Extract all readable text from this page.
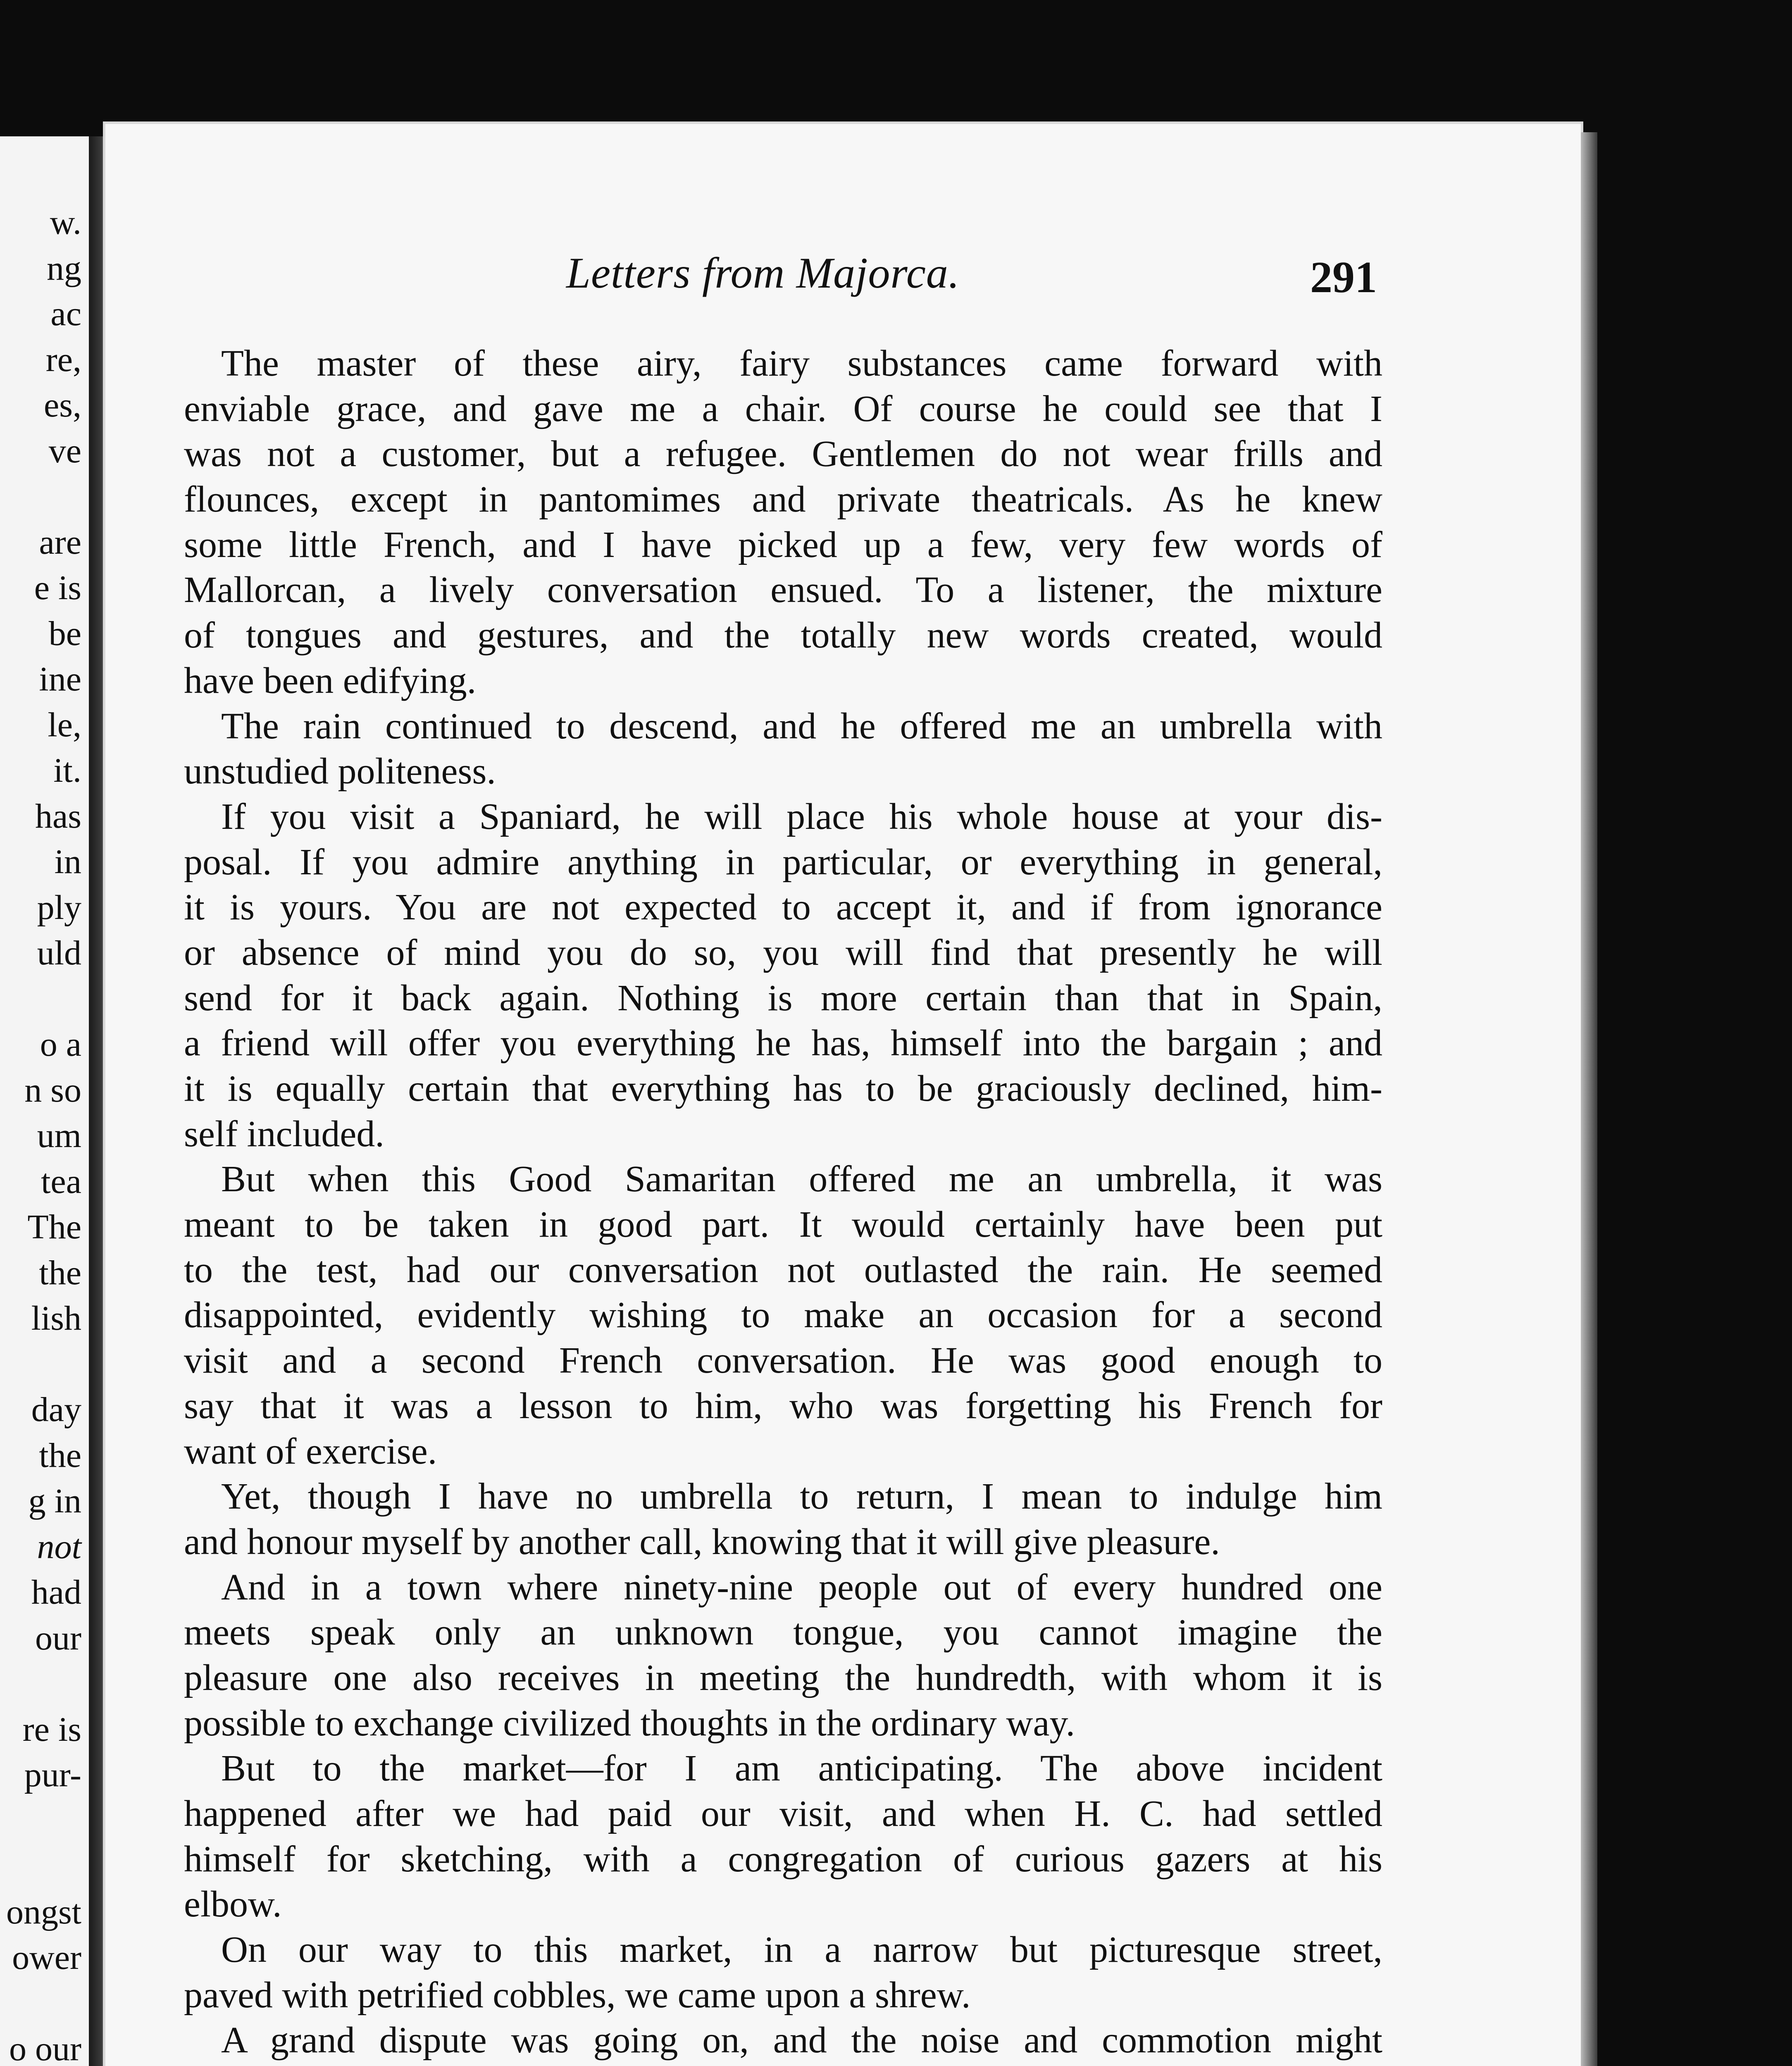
w.
ng
ac
re,
es,
ve
are
e is
be
ine
le,
it.
has
in
ply
uld
o a
n so
um
tea
The
the
lish
day
the
g in
not
had
our
re is
pur-
ongst
ower
o our
Letters from Majorca.	291
The master of these airy, fairy substances came forward with
enviable grace, and gave me a chair. Of course he could see that I
was not a customer, but a refugee. Gentlemen do not wear frills and
flounces, except in pantomimes and private theatricals. As he knew
some little French, and I have picked up a few, very few words of
Mallorcan, a lively conversation ensued. To a listener, the mixture
of tongues and gestures, and the totally new words created, would
have been edifying.
The rain continued to descend, and he offered me an umbrella with
unstudied politeness.
If you visit a Spaniard, he will place his whole house at your dis-
posal. If you admire anything in particular, or everything in general,
it is yours. You are not expected to accept it, and if from ignorance
or absence of mind you do so, you will find that presently he will
send for it back again. Nothing is more certain than that in Spain,
a friend will offer you everything he has, himself into the bargain ; and
it is equally certain that everything has to be graciously declined, him-
self included.
But when this Good Samaritan offered me an umbrella, it was
meant to be taken in good part. It would certainly have been put
to the test, had our conversation not outlasted the rain. He seemed
disappointed, evidently wishing to make an occasion for a second
visit and a second French conversation. He was good enough to
say that it was a lesson to him, who was forgetting his French for
want of exercise.
Yet, though I have no umbrella to return, I mean to indulge him
and honour myself by another call, knowing that it will give pleasure.
And in a town where ninety-nine people out of every hundred one
meets speak only an unknown tongue, you cannot imagine the
pleasure one also receives in meeting the hundredth, with whom it is
possible to exchange civilized thoughts in the ordinary way.
But to the market—for I am anticipating. The above incident
happened after we had paid our visit, and when H. C. had settled
himself for sketching, with a congregation of curious gazers at his
elbow.
On our way to this market, in a narrow but picturesque street,
paved with petrified cobbles, we came upon a shrew.
A grand dispute was going on, and the noise and commotion might
